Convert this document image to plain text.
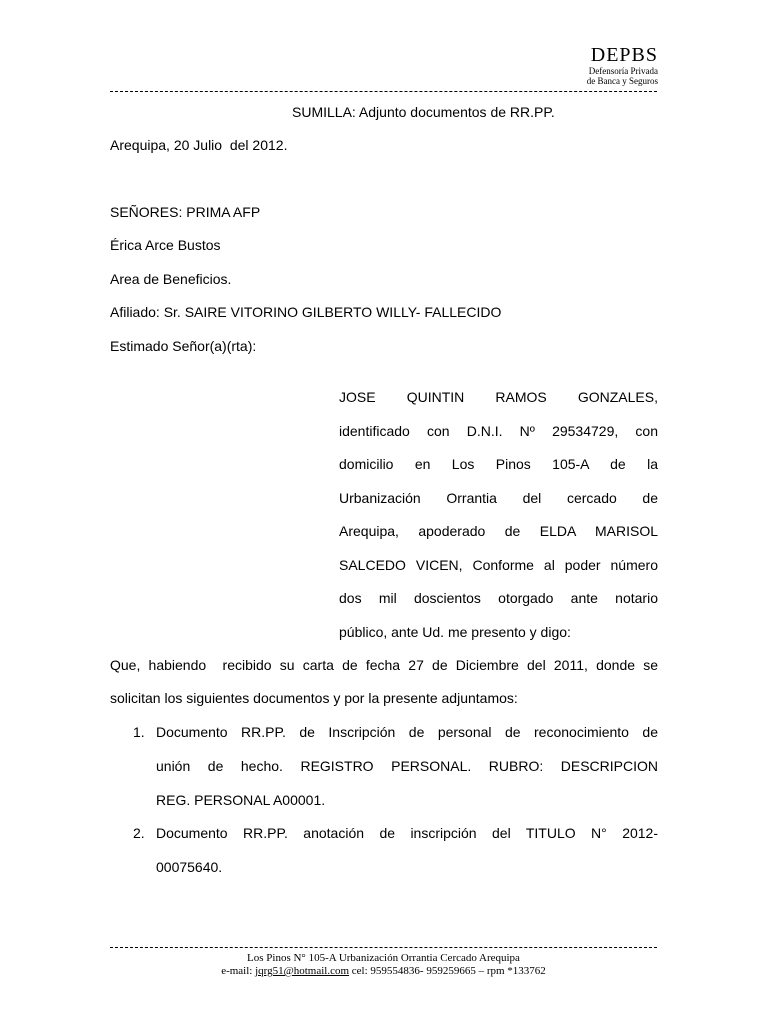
DEPBS
Defensoría Privada
de Banca y Seguros
SUMILLA: Adjunto documentos de RR.PP.
Arequipa, 20 Julio  del 2012.
SEÑORES: PRIMA AFP
Érica Arce Bustos
Area de Beneficios.
Afiliado: Sr. SAIRE VITORINO GILBERTO WILLY- FALLECIDO
Estimado Señor(a)(rta):
JOSE QUINTIN RAMOS GONZALES,
identificado con D.N.I. Nº 29534729, con
domicilio en Los Pinos 105-A de la
Urbanización Orrantia del cercado de
Arequipa, apoderado de ELDA MARISOL
SALCEDO VICEN, Conforme al poder número
dos mil doscientos otorgado ante notario
público, ante Ud. me presento y digo:
Que, habiendo  recibido su carta de fecha 27 de Diciembre del 2011, donde se
solicitan los siguientes documentos y por la presente adjuntamos:
1. Documento RR.PP. de Inscripción de personal de reconocimiento de
unión de hecho. REGISTRO PERSONAL. RUBRO: DESCRIPCION
REG. PERSONAL A00001.
2. Documento RR.PP. anotación de inscripción del TITULO N° 2012-
00075640.
Los Pinos N° 105-A Urbanización Orrantia Cercado Arequipa
e-mail: jqrg51@hotmail.com cel: 959554836- 959259665 – rpm *133762
